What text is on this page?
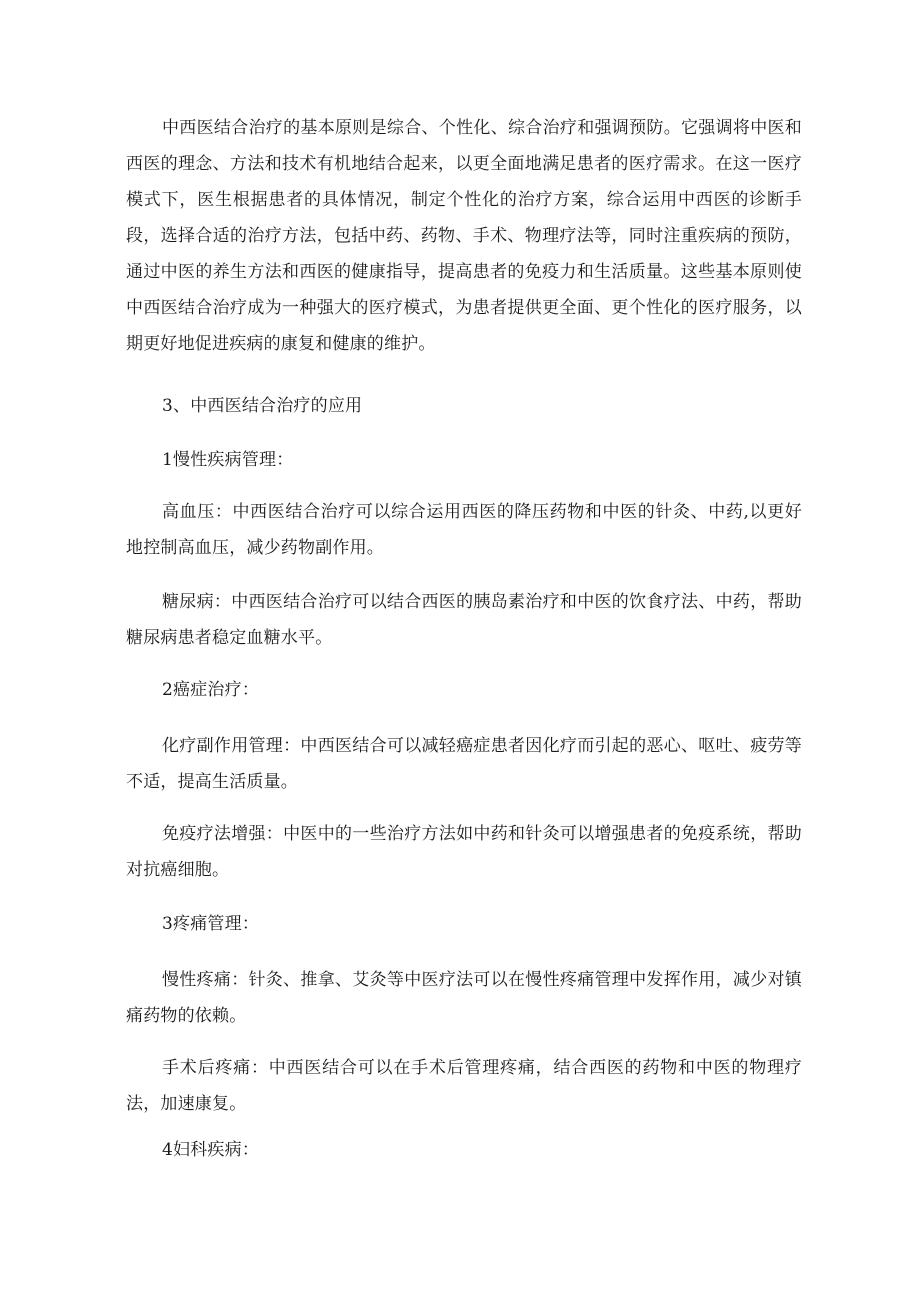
中西医结合治疗的基本原则是综合、个性化、综合治疗和强调预防。它强调将中医和西医的理念、方法和技术有机地结合起来，以更全面地满足患者的医疗需求。在这一医疗模式下，医生根据患者的具体情况，制定个性化的治疗方案，综合运用中西医的诊断手段，选择合适的治疗方法，包括中药、药物、手术、物理疗法等，同时注重疾病的预防，通过中医的养生方法和西医的健康指导，提高患者的免疫力和生活质量。这些基本原则使中西医结合治疗成为一种强大的医疗模式，为患者提供更全面、更个性化的医疗服务，以期更好地促进疾病的康复和健康的维护。

3、中西医结合治疗的应用

1慢性疾病管理：

高血压：中西医结合治疗可以综合运用西医的降压药物和中医的针灸、中药,以更好地控制高血压，减少药物副作用。

糖尿病：中西医结合治疗可以结合西医的胰岛素治疗和中医的饮食疗法、中药，帮助糖尿病患者稳定血糖水平。

2癌症治疗：

化疗副作用管理：中西医结合可以减轻癌症患者因化疗而引起的恶心、呕吐、疲劳等不适，提高生活质量。

免疫疗法增强：中医中的一些治疗方法如中药和针灸可以增强患者的免疫系统，帮助对抗癌细胞。

3疼痛管理：

慢性疼痛：针灸、推拿、艾灸等中医疗法可以在慢性疼痛管理中发挥作用，减少对镇痛药物的依赖。

手术后疼痛：中西医结合可以在手术后管理疼痛，结合西医的药物和中医的物理疗法，加速康复。

4妇科疾病：
